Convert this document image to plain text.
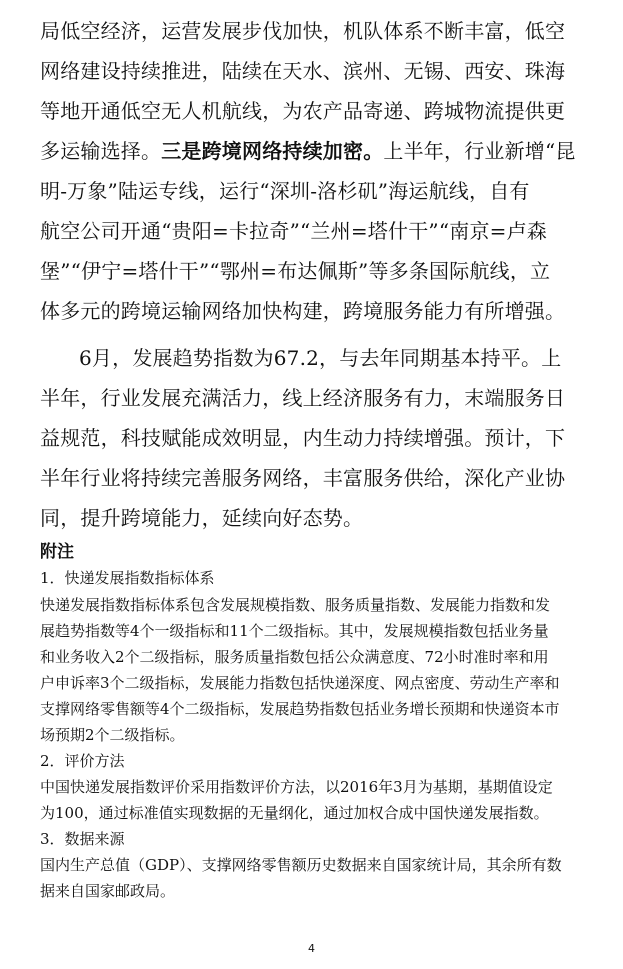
局低空经济，运营发展步伐加快，机队体系不断丰富，低空
网络建设持续推进，陆续在天水、滨州、无锡、西安、珠海
等地开通低空无人机航线，为农产品寄递、跨城物流提供更
多运输选择。三是跨境网络持续加密。上半年，行业新增“昆
明-万象”陆运专线，运行“深圳-洛杉矶”海运航线，自有
航空公司开通“贵阳=卡拉奇”“兰州=塔什干”“南京=卢森
堡”“伊宁=塔什干”“鄂州=布达佩斯”等多条国际航线，立
体多元的跨境运输网络加快构建，跨境服务能力有所增强。
6月，发展趋势指数为67.2，与去年同期基本持平。上
半年，行业发展充满活力，线上经济服务有力，末端服务日
益规范，科技赋能成效明显，内生动力持续增强。预计，下
半年行业将持续完善服务网络，丰富服务供给，深化产业协
同，提升跨境能力，延续向好态势。
附注
1．快递发展指数指标体系
快递发展指数指标体系包含发展规模指数、服务质量指数、发展能力指数和发
展趋势指数等4个一级指标和11个二级指标。其中，发展规模指数包括业务量
和业务收入2个二级指标，服务质量指数包括公众满意度、72小时准时率和用
户申诉率3个二级指标，发展能力指数包括快递深度、网点密度、劳动生产率和
支撑网络零售额等4个二级指标，发展趋势指数包括业务增长预期和快递资本市
场预期2个二级指标。
2．评价方法
中国快递发展指数评价采用指数评价方法，以2016年3月为基期，基期值设定
为100，通过标准值实现数据的无量纲化，通过加权合成中国快递发展指数。
3．数据来源
国内生产总值（GDP）、支撑网络零售额历史数据来自国家统计局，其余所有数
据来自国家邮政局。
4
